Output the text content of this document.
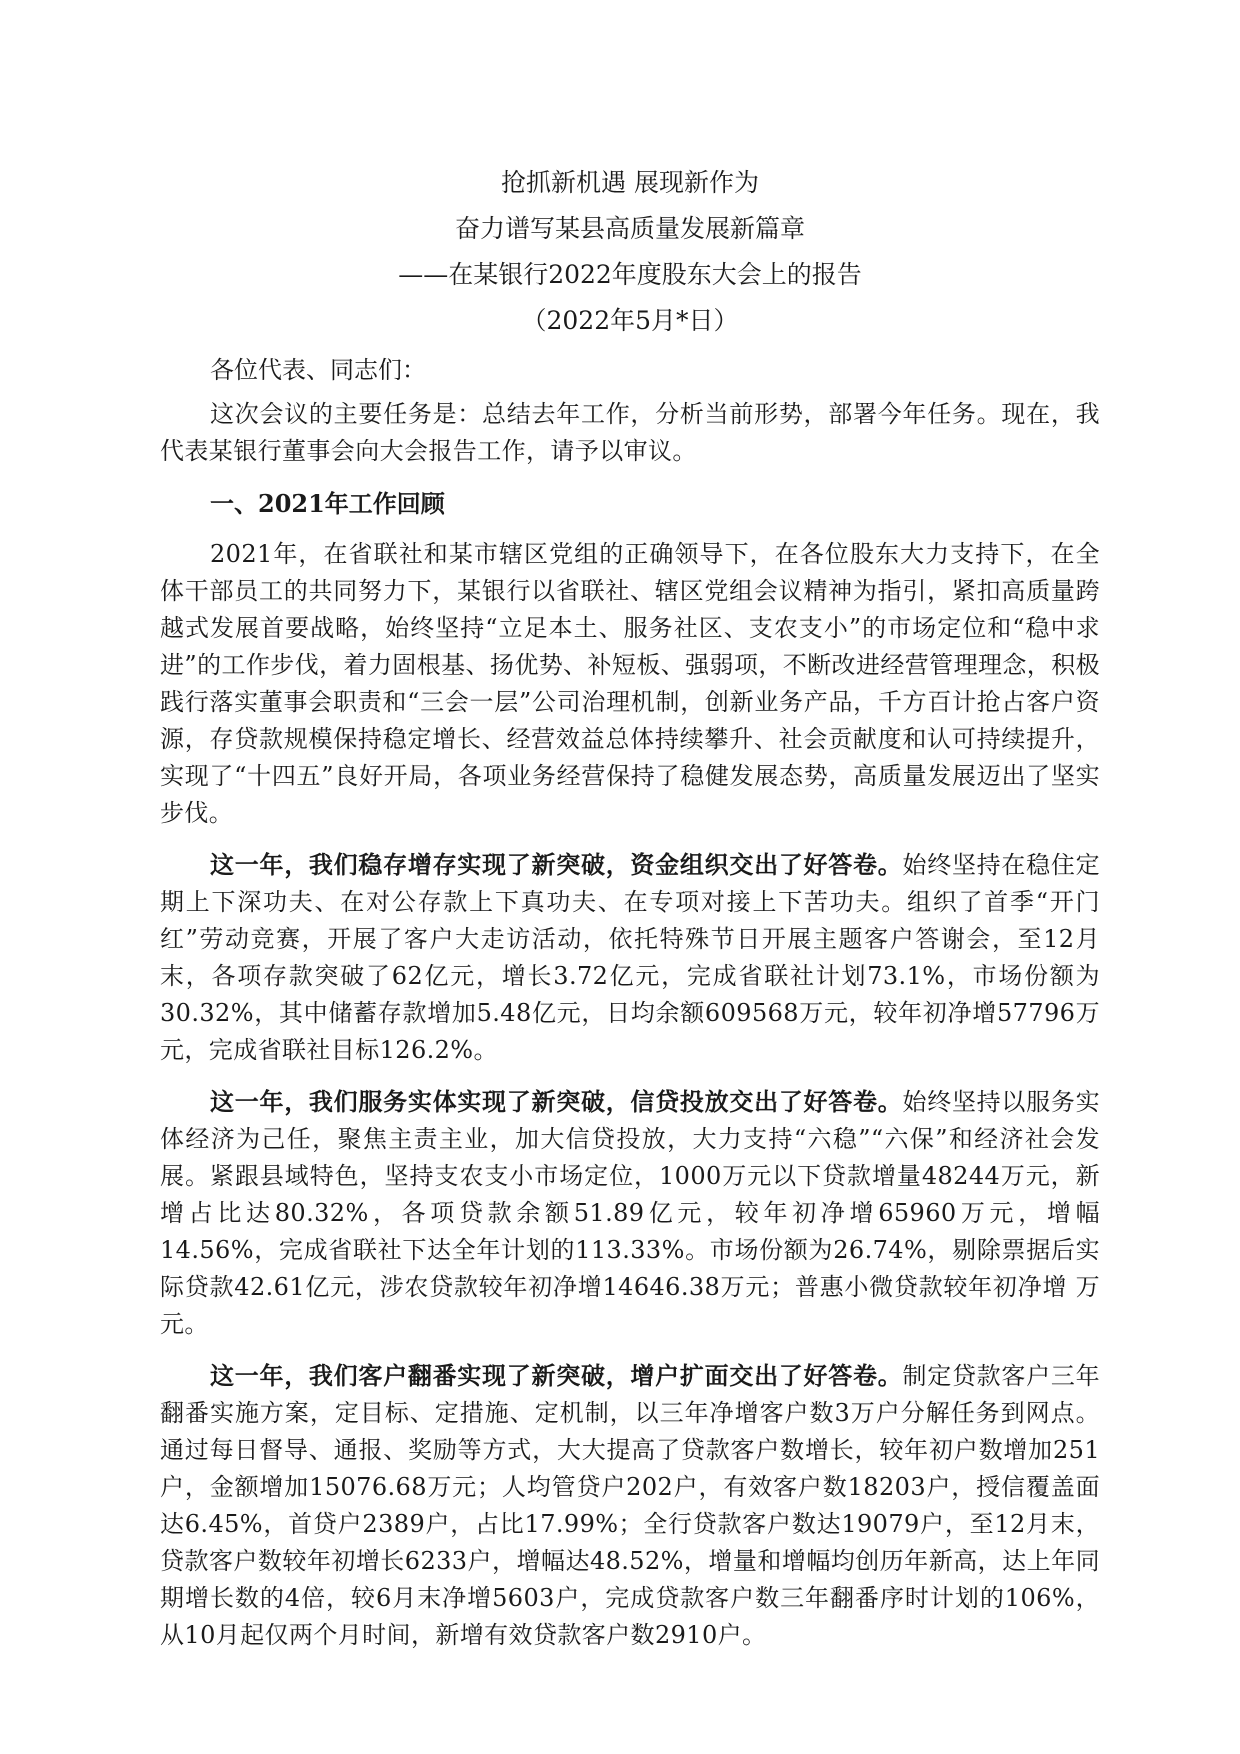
抢抓新机遇 展现新作为

奋力谱写某县高质量发展新篇章

——在某银行2022年度股东大会上的报告

（2022年5月*日）

各位代表、同志们：

这次会议的主要任务是：总结去年工作，分析当前形势，部署今年任务。现在，我代表某银行董事会向大会报告工作，请予以审议。

一、2021年工作回顾

2021年，在省联社和某市辖区党组的正确领导下，在各位股东大力支持下，在全体干部员工的共同努力下，某银行以省联社、辖区党组会议精神为指引，紧扣高质量跨越式发展首要战略，始终坚持“立足本土、服务社区、支农支小”的市场定位和“稳中求进”的工作步伐，着力固根基、扬优势、补短板、强弱项，不断改进经营管理理念，积极践行落实董事会职责和“三会一层”公司治理机制，创新业务产品，千方百计抢占客户资源，存贷款规模保持稳定增长、经营效益总体持续攀升、社会贡献度和认可持续提升，实现了“十四五”良好开局，各项业务经营保持了稳健发展态势，高质量发展迈出了坚实步伐。

这一年，我们稳存增存实现了新突破，资金组织交出了好答卷。始终坚持在稳住定期上下深功夫、在对公存款上下真功夫、在专项对接上下苦功夫。组织了首季“开门红”劳动竞赛，开展了客户大走访活动，依托特殊节日开展主题客户答谢会，至12月末，各项存款突破了62亿元，增长3.72亿元，完成省联社计划73.1%，市场份额为30.32%，其中储蓄存款增加5.48亿元，日均余额609568万元，较年初净增57796万元，完成省联社目标126.2%。

这一年，我们服务实体实现了新突破，信贷投放交出了好答卷。始终坚持以服务实体经济为己任，聚焦主责主业，加大信贷投放，大力支持“六稳”“六保”和经济社会发展。紧跟县域特色，坚持支农支小市场定位，1000万元以下贷款增量48244万元，新增占比达80.32%，各项贷款余额51.89亿元，较年初净增65960万元，增幅14.56%，完成省联社下达全年计划的113.33%。市场份额为26.74%，剔除票据后实际贷款42.61亿元，涉农贷款较年初净增14646.38万元；普惠小微贷款较年初净增 万元。

这一年，我们客户翻番实现了新突破，增户扩面交出了好答卷。制定贷款客户三年翻番实施方案，定目标、定措施、定机制，以三年净增客户数3万户分解任务到网点。通过每日督导、通报、奖励等方式，大大提高了贷款客户数增长，较年初户数增加251户，金额增加15076.68万元；人均管贷户202户，有效客户数18203户，授信覆盖面达6.45%，首贷户2389户，占比17.99%；全行贷款客户数达19079户，至12月末，贷款客户数较年初增长6233户，增幅达48.52%，增量和增幅均创历年新高，达上年同期增长数的4倍，较6月末净增5603户，完成贷款客户数三年翻番序时计划的106%，从10月起仅两个月时间，新增有效贷款客户数2910户。
